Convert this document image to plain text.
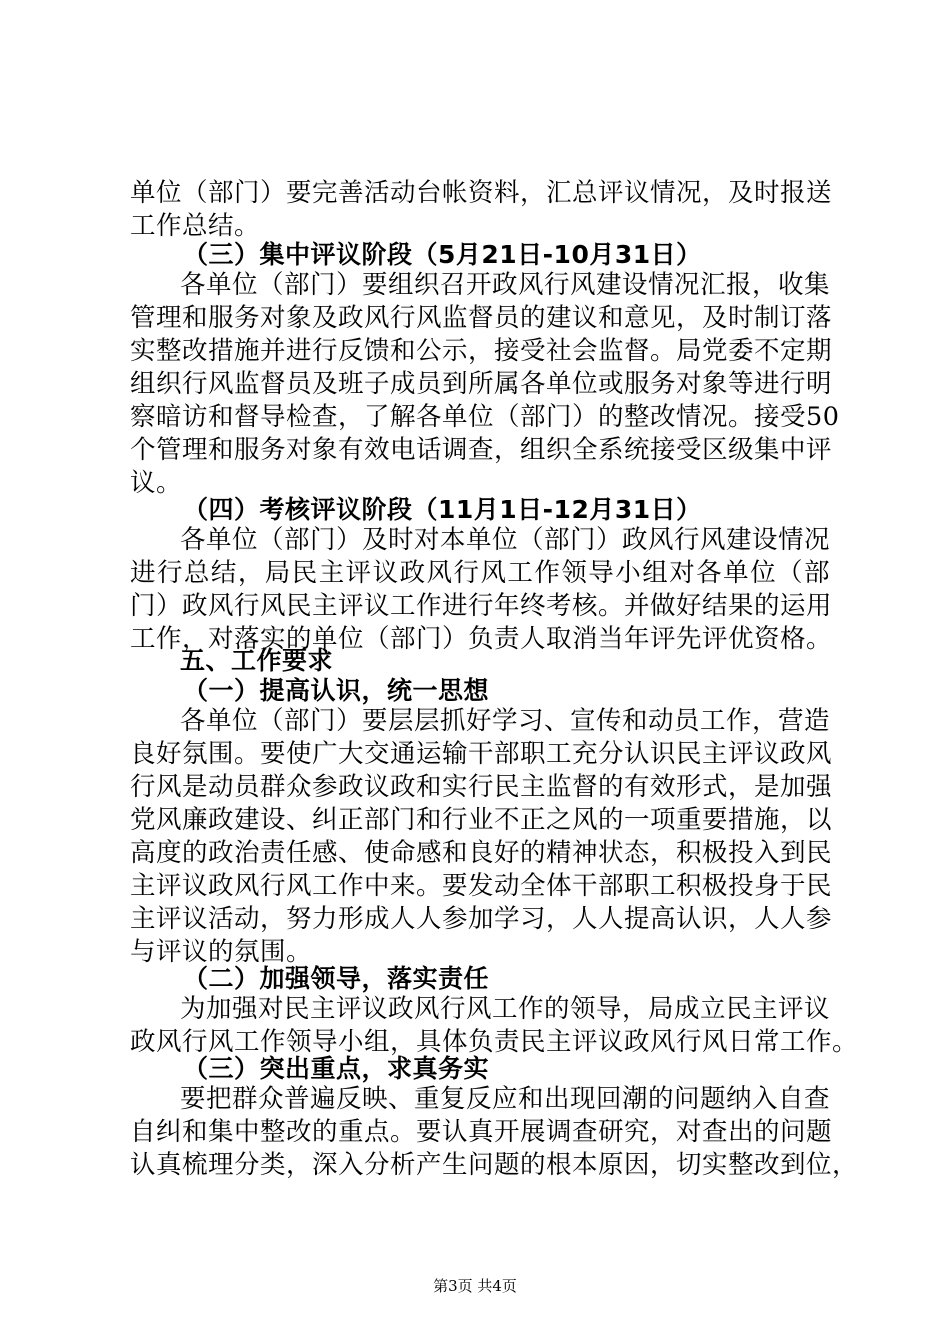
单位（部门）要完善活动台帐资料，汇总评议情况，及时报送
工作总结。
（三）集中评议阶段（5月21日-10月31日）
各单位（部门）要组织召开政风行风建设情况汇报，收集
管理和服务对象及政风行风监督员的建议和意见，及时制订落
实整改措施并进行反馈和公示，接受社会监督。局党委不定期
组织行风监督员及班子成员到所属各单位或服务对象等进行明
察暗访和督导检查，了解各单位（部门）的整改情况。接受50
个管理和服务对象有效电话调查，组织全系统接受区级集中评
议。
（四）考核评议阶段（11月1日-12月31日）
各单位（部门）及时对本单位（部门）政风行风建设情况
进行总结，局民主评议政风行风工作领导小组对各单位（部
门）政风行风民主评议工作进行年终考核。并做好结果的运用
工作，对落实的单位（部门）负责人取消当年评先评优资格。
五、工作要求
（一）提高认识，统一思想
各单位（部门）要层层抓好学习、宣传和动员工作，营造
良好氛围。要使广大交通运输干部职工充分认识民主评议政风
行风是动员群众参政议政和实行民主监督的有效形式，是加强
党风廉政建设、纠正部门和行业不正之风的一项重要措施，以
高度的政治责任感、使命感和良好的精神状态，积极投入到民
主评议政风行风工作中来。要发动全体干部职工积极投身于民
主评议活动，努力形成人人参加学习，人人提高认识，人人参
与评议的氛围。
（二）加强领导，落实责任
为加强对民主评议政风行风工作的领导，局成立民主评议
政风行风工作领导小组，具体负责民主评议政风行风日常工作。
（三）突出重点，求真务实
要把群众普遍反映、重复反应和出现回潮的问题纳入自查
自纠和集中整改的重点。要认真开展调查研究，对查出的问题
认真梳理分类，深入分析产生问题的根本原因，切实整改到位，
第3页 共4页
